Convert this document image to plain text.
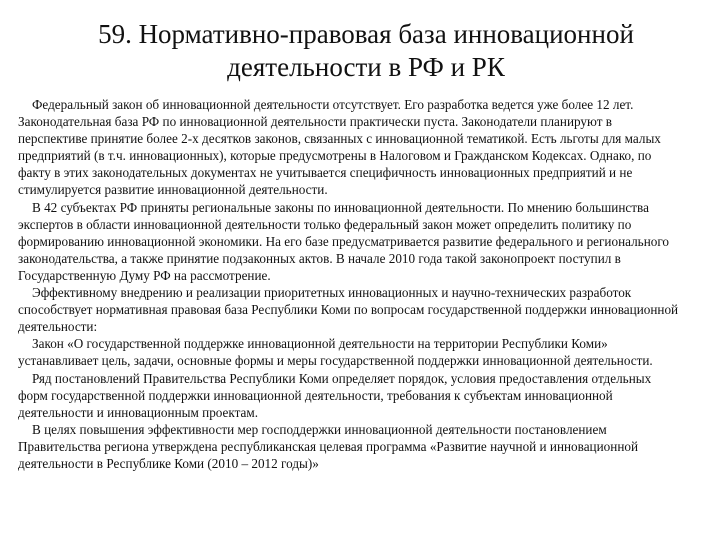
59. Нормативно-правовая база инновационной
деятельности в РФ и РК

Федеральный закон об инновационной деятельности отсутствует. Его разработка ведется уже более 12 лет. Законодательная база РФ по инновационной деятельности практически пуста. Законодатели планируют в перспективе принятие более 2-х десятков законов, связанных с инновационной тематикой. Есть льготы для малых предприятий (в т.ч. инновационных), которые предусмотрены в Налоговом и Гражданском Кодексах. Однако, по факту в этих законодательных документах не учитывается специфичность инновационных предприятий и не стимулируется развитие инновационной деятельности.

В 42 субъектах РФ приняты региональные законы по инновационной деятельности. По мнению большинства экспертов в области инновационной деятельности только федеральный закон может определить политику по формированию инновационной экономики. На его базе предусматривается развитие федерального и регионального законодательства, а также принятие подзаконных актов. В начале 2010 года такой законопроект поступил в Государственную Думу РФ на рассмотрение.

Эффективному внедрению и реализации приоритетных инновационных и научно-технических разработок способствует нормативная правовая база Республики Коми по вопросам государственной поддержки инновационной деятельности:

Закон «О государственной поддержке инновационной деятельности на территории Республики Коми» устанавливает цель, задачи, основные формы и меры государственной поддержки инновационной деятельности.

Ряд постановлений Правительства Республики Коми определяет порядок, условия предоставления отдельных форм государственной поддержки инновационной деятельности, требования к субъектам инновационной деятельности и инновационным проектам.

В целях повышения эффективности мер господдержки инновационной деятельности постановлением Правительства региона утверждена республиканская целевая программа «Развитие научной и инновационной деятельности в Республике Коми (2010 – 2012 годы)»
